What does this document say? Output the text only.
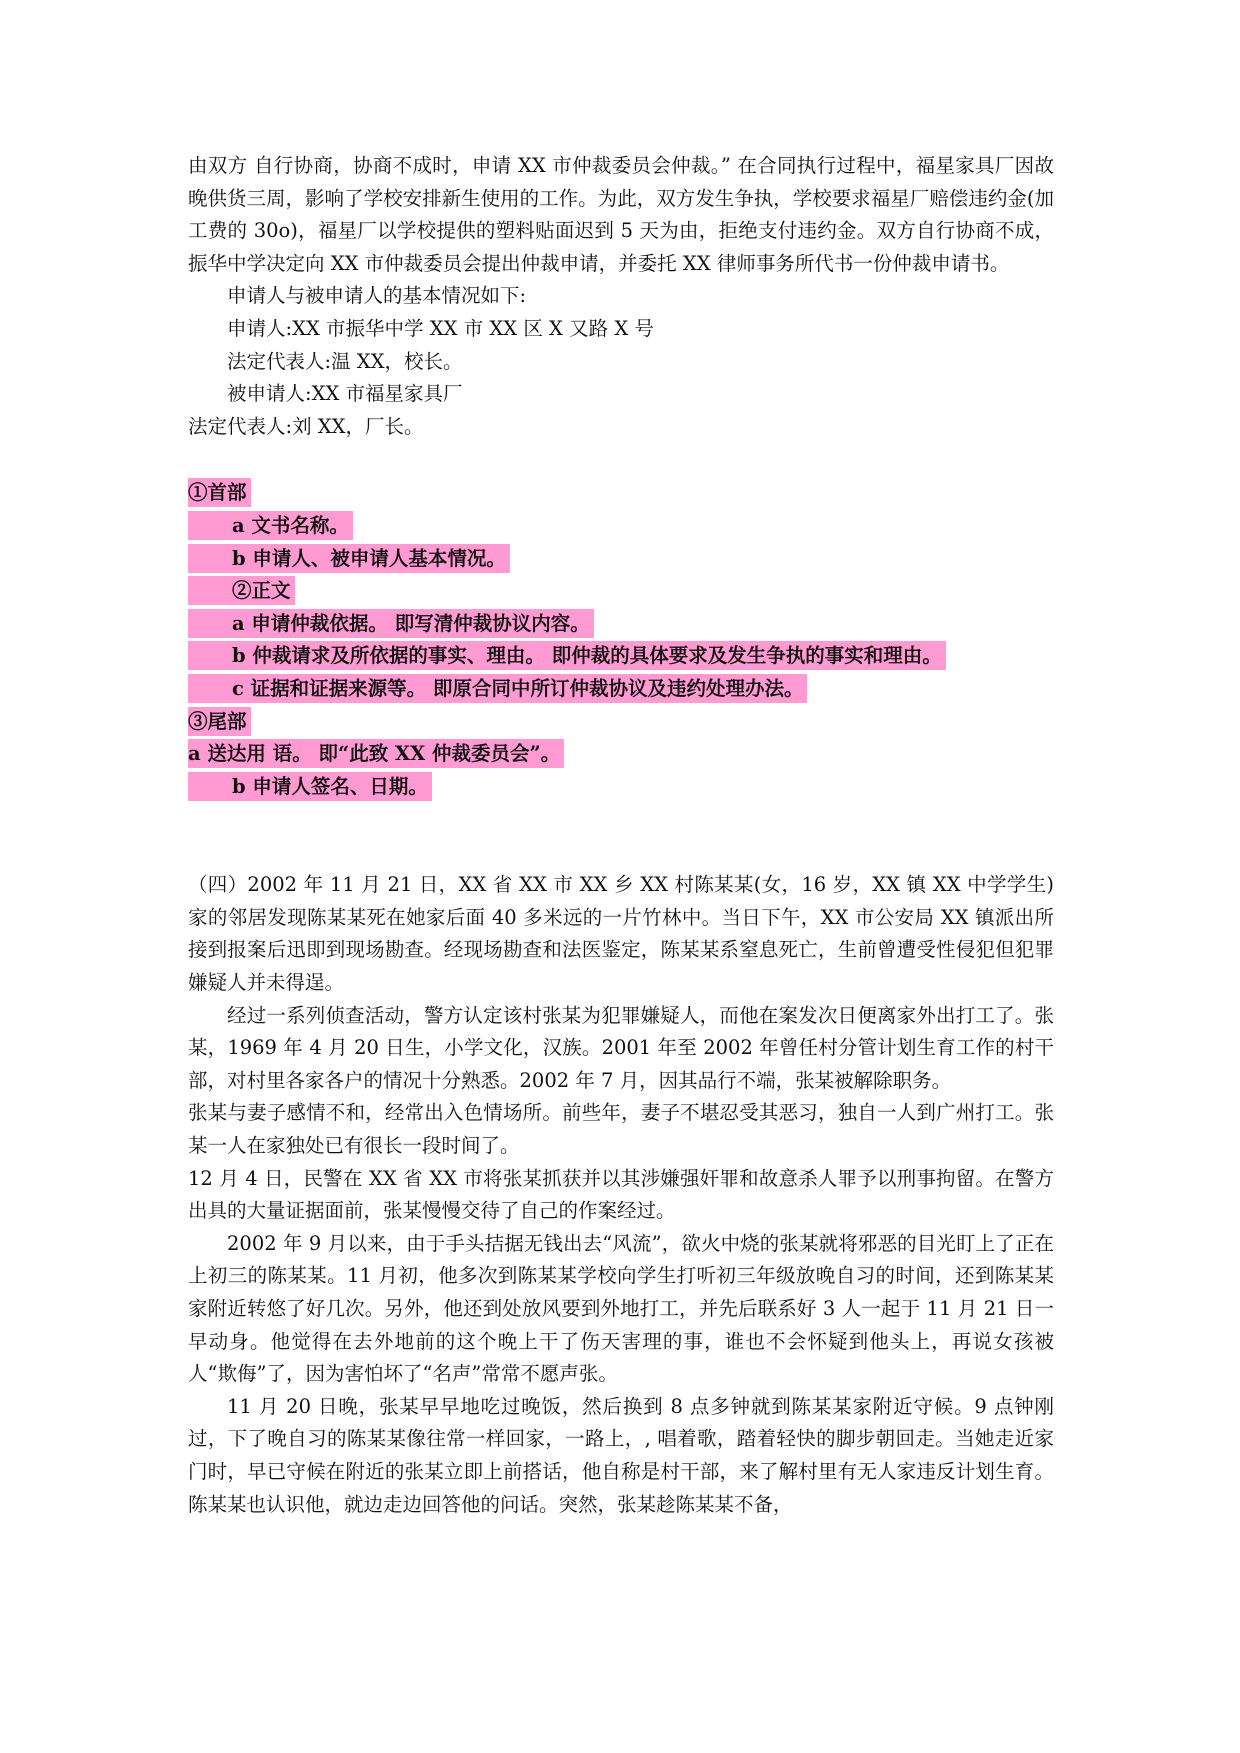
由双方 自行协商，协商不成时，申请 XX 市仲裁委员会仲裁。” 在合同执行过程中，福星家具厂因故晚供货三周，影响了学校安排新生使用的工作。为此，双方发生争执，学校要求福星厂赔偿违约金(加工费的 30o)，福星厂以学校提供的塑料贴面迟到 5 天为由，拒绝支付违约金。双方自行协商不成，振华中学决定向 XX 市仲裁委员会提出仲裁申请，并委托 XX 律师事务所代书一份仲裁申请书。

申请人与被申请人的基本情况如下:

申请人:XX 市振华中学 XX 市 XX 区 X 又路 X 号

法定代表人:温 XX，校长。

被申请人:XX 市福星家具厂

法定代表人:刘 XX，厂长。

①首部

a 文书名称。

b 申请人、被申请人基本情况。

②正文

a 申请仲裁依据。 即写清仲裁协议内容。

b 仲裁请求及所依据的事实、理由。 即仲裁的具体要求及发生争执的事实和理由。

c 证据和证据来源等。 即原合同中所订仲裁协议及违约处理办法。

③尾部

a 送达用 语。 即“此致 XX 仲裁委员会”。

b 申请人签名、日期。

（四）2002 年 11 月 21 日，XX 省 XX 市 XX 乡 XX 村陈某某(女，16 岁，XX 镇 XX 中学学生)家的邻居发现陈某某死在她家后面 40 多米远的一片竹林中。当日下午，XX 市公安局 XX 镇派出所接到报案后迅即到现场勘查。经现场勘查和法医鉴定，陈某某系窒息死亡，生前曾遭受性侵犯但犯罪嫌疑人并未得逞。

经过一系列侦查活动，警方认定该村张某为犯罪嫌疑人，而他在案发次日便离家外出打工了。张某，1969 年 4 月 20 日生，小学文化，汉族。2001 年至 2002 年曾任村分管计划生育工作的村干部，对村里各家各户的情况十分熟悉。2002 年 7 月，因其品行不端，张某被解除职务。

张某与妻子感情不和，经常出入色情场所。前些年，妻子不堪忍受其恶习，独自一人到广州打工。张某一人在家独处已有很长一段时间了。

12 月 4 日，民警在 XX 省 XX 市将张某抓获并以其涉嫌强奸罪和故意杀人罪予以刑事拘留。在警方出具的大量证据面前，张某慢慢交待了自己的作案经过。

2002 年 9 月以来，由于手头拮据无钱出去“风流”，欲火中烧的张某就将邪恶的目光盯上了正在上初三的陈某某。11 月初，他多次到陈某某学校向学生打听初三年级放晚自习的时间，还到陈某某家附近转悠了好几次。另外，他还到处放风要到外地打工，并先后联系好 3 人一起于 11 月 21 日一早动身。他觉得在去外地前的这个晚上干了伤天害理的事，谁也不会怀疑到他头上，再说女孩被人“欺侮”了，因为害怕坏了“名声”常常不愿声张。

11 月 20 日晚，张某早早地吃过晚饭，然后换到 8 点多钟就到陈某某家附近守候。9 点钟刚过，下了晚自习的陈某某像往常一样回家，一路上，, 唱着歌，踏着轻快的脚步朝回走。当她走近家门时，早已守候在附近的张某立即上前搭话，他自称是村干部，来了解村里有无人家违反计划生育。陈某某也认识他，就边走边回答他的问话。突然，张某趁陈某某不备，
